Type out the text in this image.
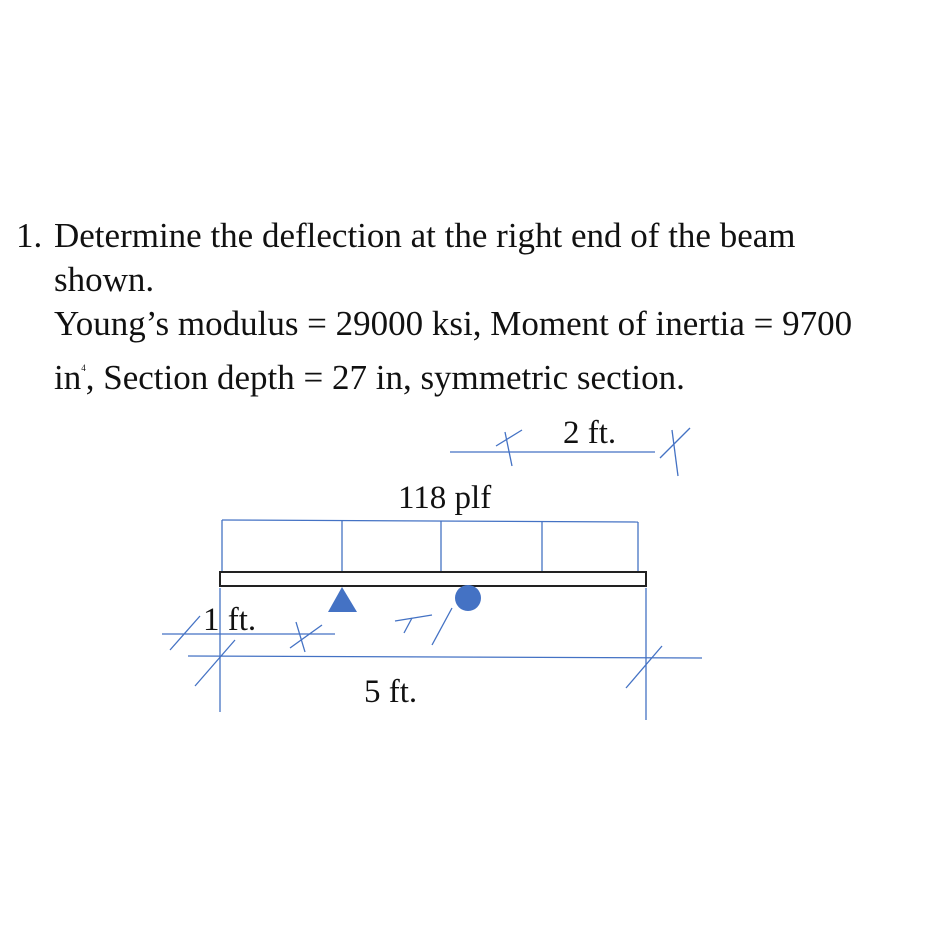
1. Determine the deflection at the right end of the beam
shown.
Young’s modulus = 29000 ksi, Moment of inertia = 9700
$in^4$, Section depth = 27 in, symmetric section.
2 ft.
118 plf
1 ft.
5 ft.
